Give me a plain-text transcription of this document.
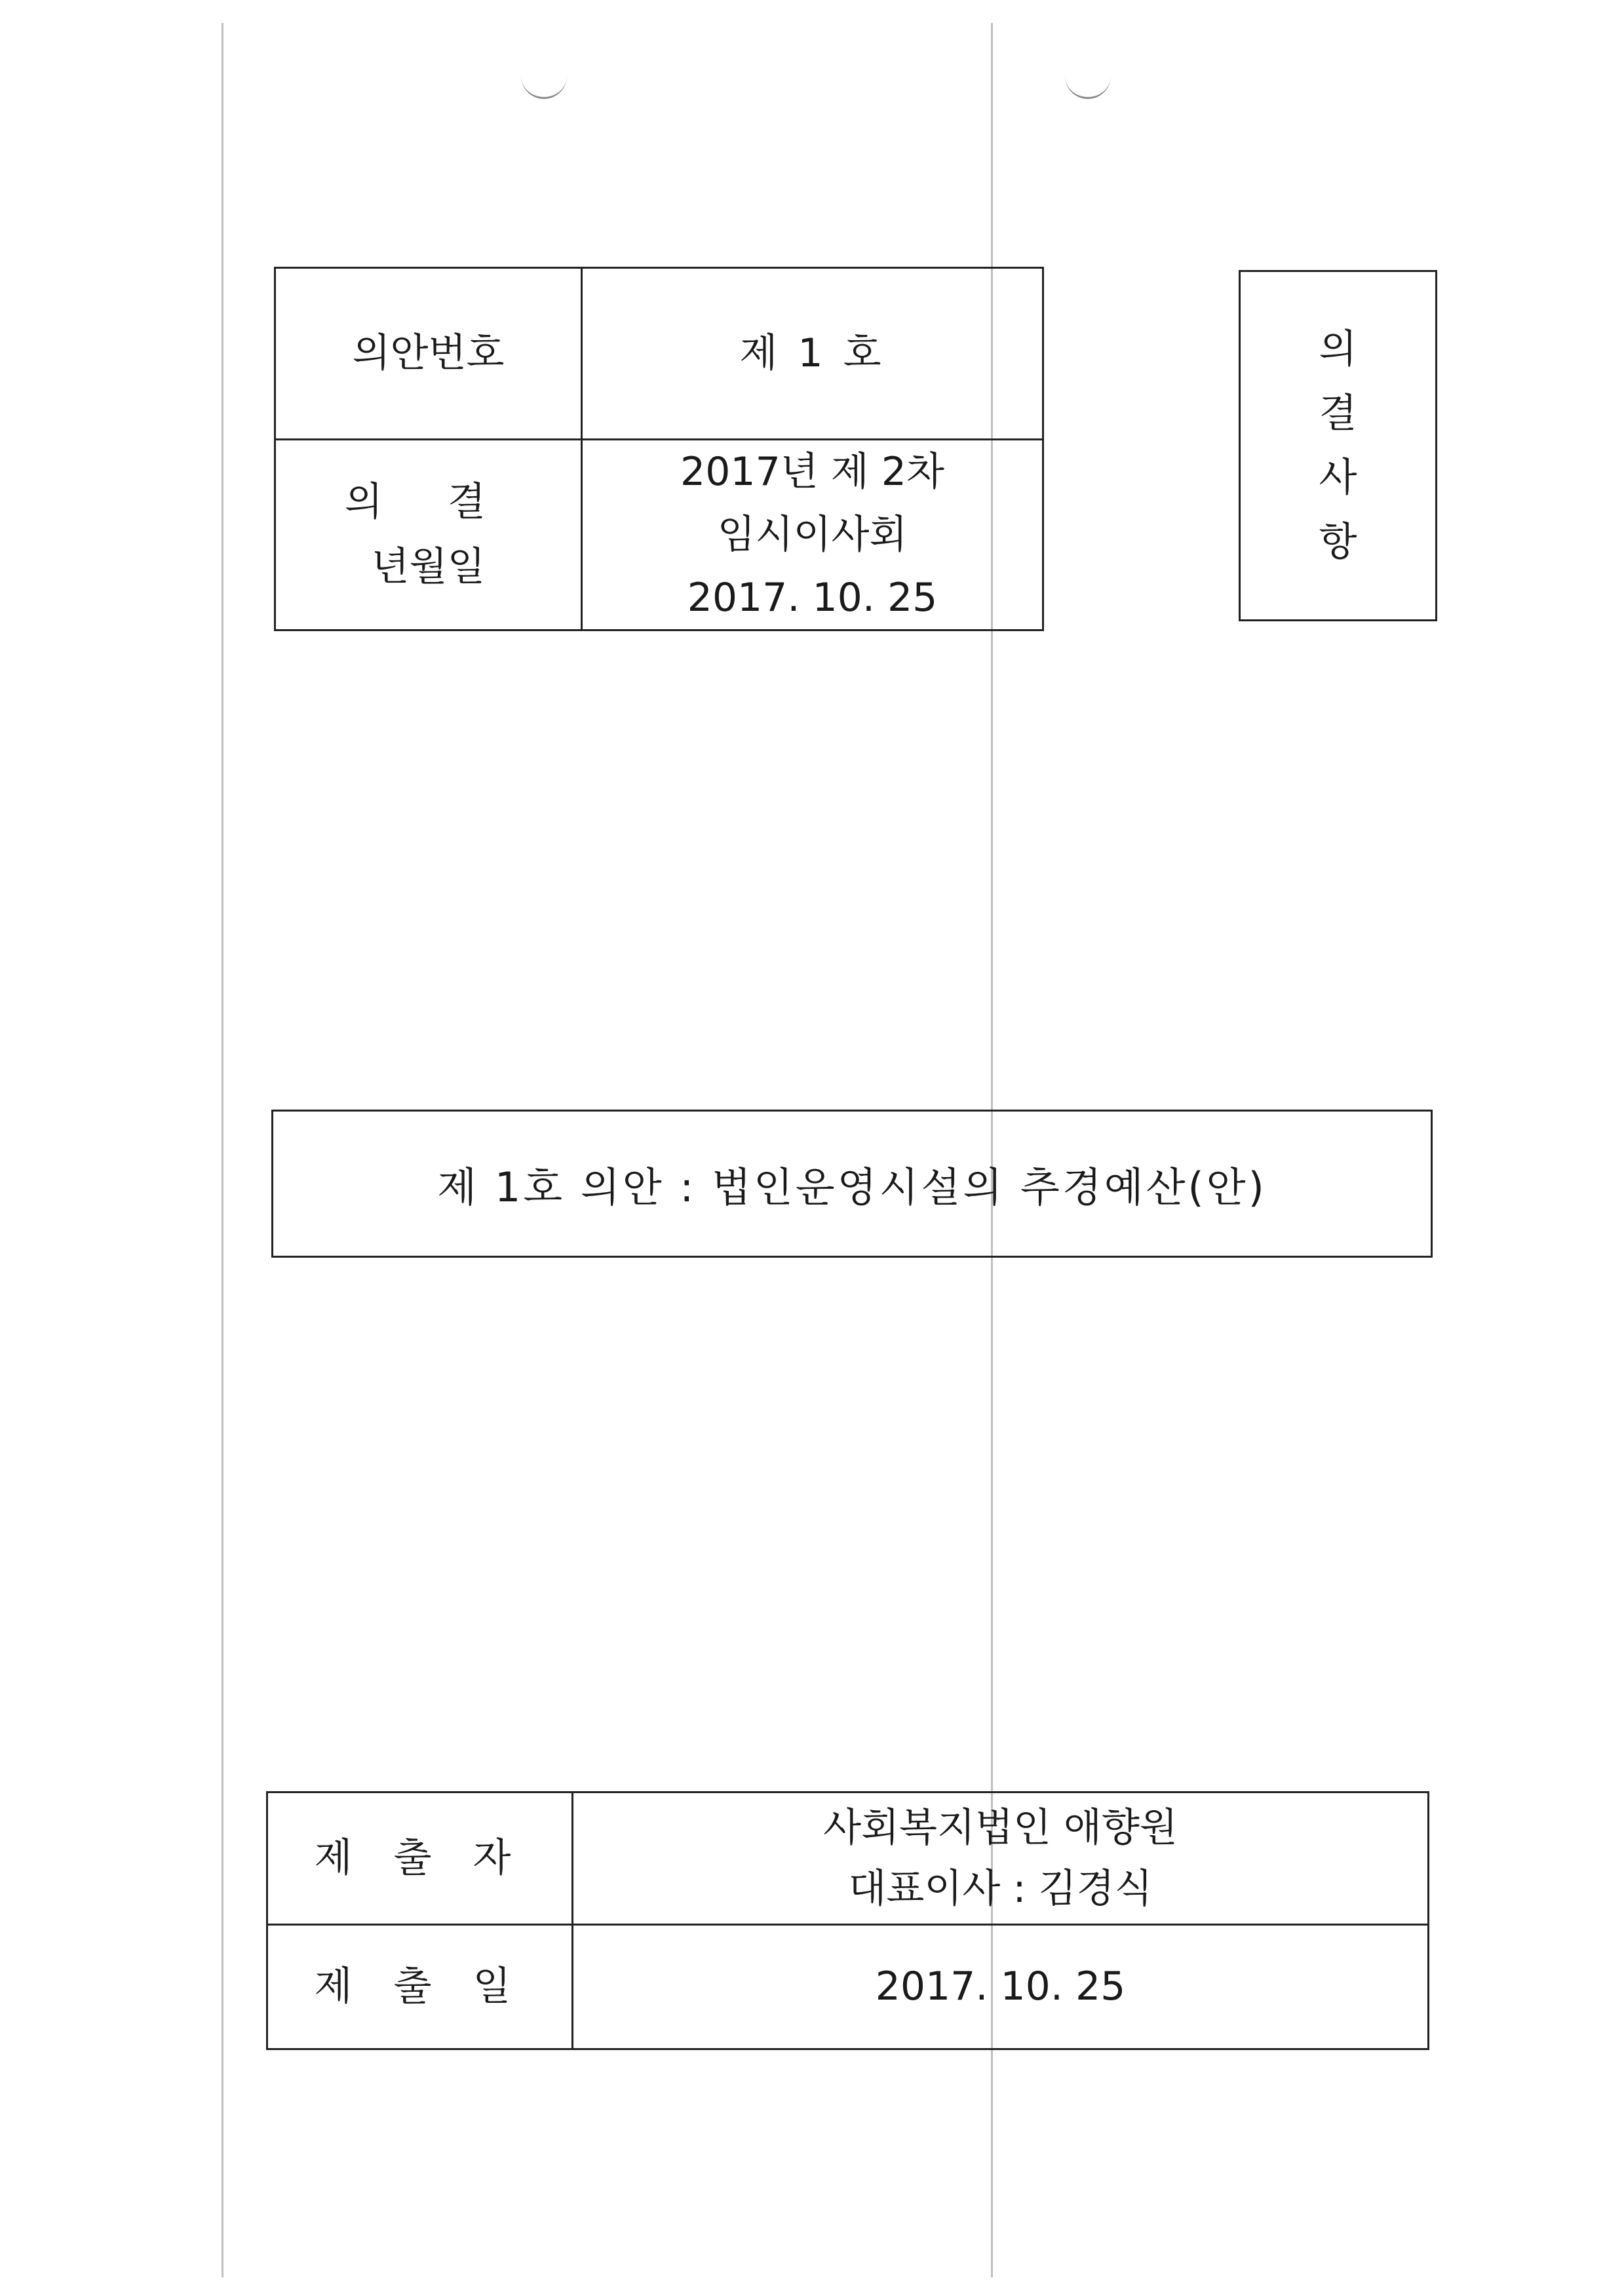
의안번호	제 1 호

의 결
년월일	2017년 제 2차
임시이사회
2017. 10. 25
의
결
사
항
제 1호 의안 : 법인운영시설의 추경예산(안)
제 출 자	사회복지법인 애향원
대표이사 : 김경식

제 출 일	2017. 10. 25
